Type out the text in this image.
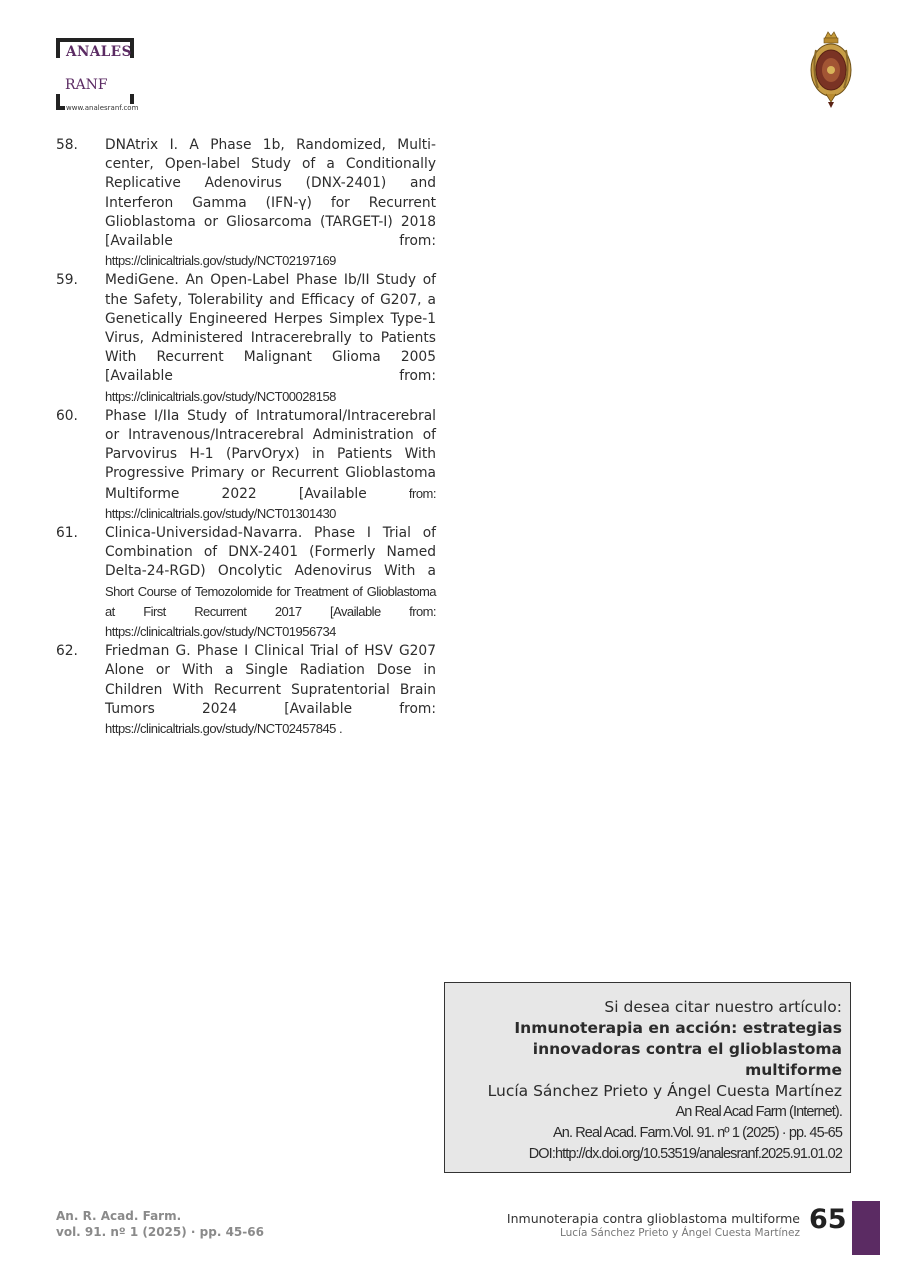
ANALES
RANF
www.analesranf.com
58. DNAtrix I. A Phase 1b, Randomized, Multi-center, Open-label Study of a Conditionally Replicative Adenovirus (DNX-2401) and Interferon Gamma (IFN-γ) for Recurrent Glioblastoma or Gliosarcoma (TARGET-I) 2018 [Available from: https://clinicaltrials.gov/study/NCT02197169
59. MediGene. An Open-Label Phase Ib/II Study of the Safety, Tolerability and Efficacy of G207, a Genetically Engineered Herpes Simplex Type-1 Virus, Administered Intracerebrally to Patients With Recurrent Malignant Glioma 2005 [Available from: https://clinicaltrials.gov/study/NCT00028158
60. Phase I/IIa Study of Intratumoral/Intracerebral or Intravenous/Intracerebral Administration of Parvovirus H-1 (ParvOryx) in Patients With Progressive Primary or Recurrent Glioblastoma Multiforme 2022 [Available	from: https://clinicaltrials.gov/study/NCT01301430
61. Clinica-Universidad-Navarra. Phase I Trial of Combination of DNX-2401 (Formerly Named Delta-24-RGD) Oncolytic Adenovirus With a Short Course of Temozolomide for Treatment of Glioblastoma at First Recurrent 2017 [Available from: https://clinicaltrials.gov/study/NCT01956734
62. Friedman G. Phase I Clinical Trial of HSV G207 Alone or With a Single Radiation Dose in Children With Recurrent Supratentorial Brain Tumors 2024 [Available from: https://clinicaltrials.gov/study/NCT02457845 .
Si desea citar nuestro artículo:
Inmunoterapia en acción: estrategias innovadoras contra el glioblastoma multiforme
Lucía Sánchez Prieto y Ángel Cuesta Martínez
An Real Acad Farm (Internet).
An. Real Acad. Farm.Vol. 91. nº 1 (2025) · pp. 45-65
DOI:http://dx.doi.org/10.53519/analesranf.2025.91.01.02
An. R. Acad. Farm.
vol. 91. nº 1 (2025) · pp. 45-66
Inmunoterapia contra glioblastoma multiforme
Lucía Sánchez Prieto y Ángel Cuesta Martínez 65
